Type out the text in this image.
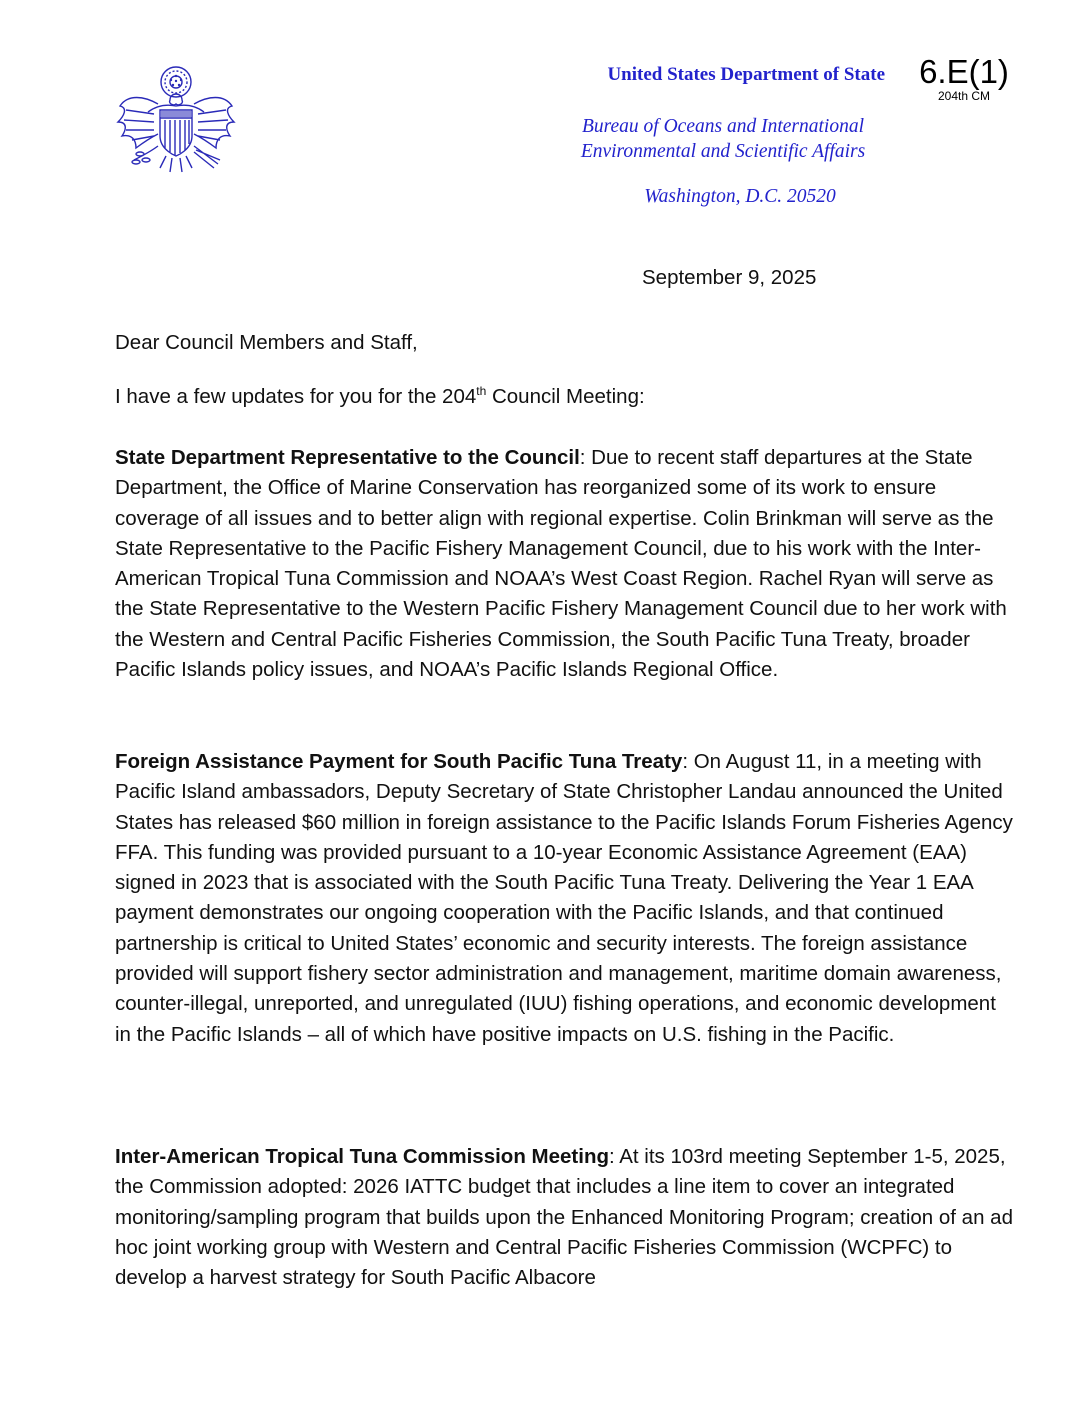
United States Department of State
Bureau of Oceans and International
Environmental and Scientific Affairs
Washington, D.C. 20520
6.E(1)
204th CM
September 9, 2025

Dear Council Members and Staff,

I have a few updates for you for the 204th Council Meeting:

State Department Representative to the Council: Due to recent staff departures at the State Department, the Office of Marine Conservation has reorganized some of its work to ensure coverage of all issues and to better align with regional expertise. Colin Brinkman will serve as the State Representative to the Pacific Fishery Management Council, due to his work with the Inter-American Tropical Tuna Commission and NOAA’s West Coast Region. Rachel Ryan will serve as the State Representative to the Western Pacific Fishery Management Council due to her work with the Western and Central Pacific Fisheries Commission, the South Pacific Tuna Treaty, broader Pacific Islands policy issues, and NOAA’s Pacific Islands Regional Office.

Foreign Assistance Payment for South Pacific Tuna Treaty: On August 11, in a meeting with Pacific Island ambassadors, Deputy Secretary of State Christopher Landau announced the United States has released $60 million in foreign assistance to the Pacific Islands Forum Fisheries Agency FFA. This funding was provided pursuant to a 10-year Economic Assistance Agreement (EAA) signed in 2023 that is associated with the South Pacific Tuna Treaty. Delivering the Year 1 EAA payment demonstrates our ongoing cooperation with the Pacific Islands, and that continued partnership is critical to United States’ economic and security interests. The foreign assistance provided will support fishery sector administration and management, maritime domain awareness, counter-illegal, unreported, and unregulated (IUU) fishing operations, and economic development in the Pacific Islands – all of which have positive impacts on U.S. fishing in the Pacific.

Inter-American Tropical Tuna Commission Meeting: At its 103rd meeting September 1-5, 2025, the Commission adopted: 2026 IATTC budget that includes a line item to cover an integrated monitoring/sampling program that builds upon the Enhanced Monitoring Program; creation of an ad hoc joint working group with Western and Central Pacific Fisheries Commission (WCPFC) to develop a harvest strategy for South Pacific Albacore
